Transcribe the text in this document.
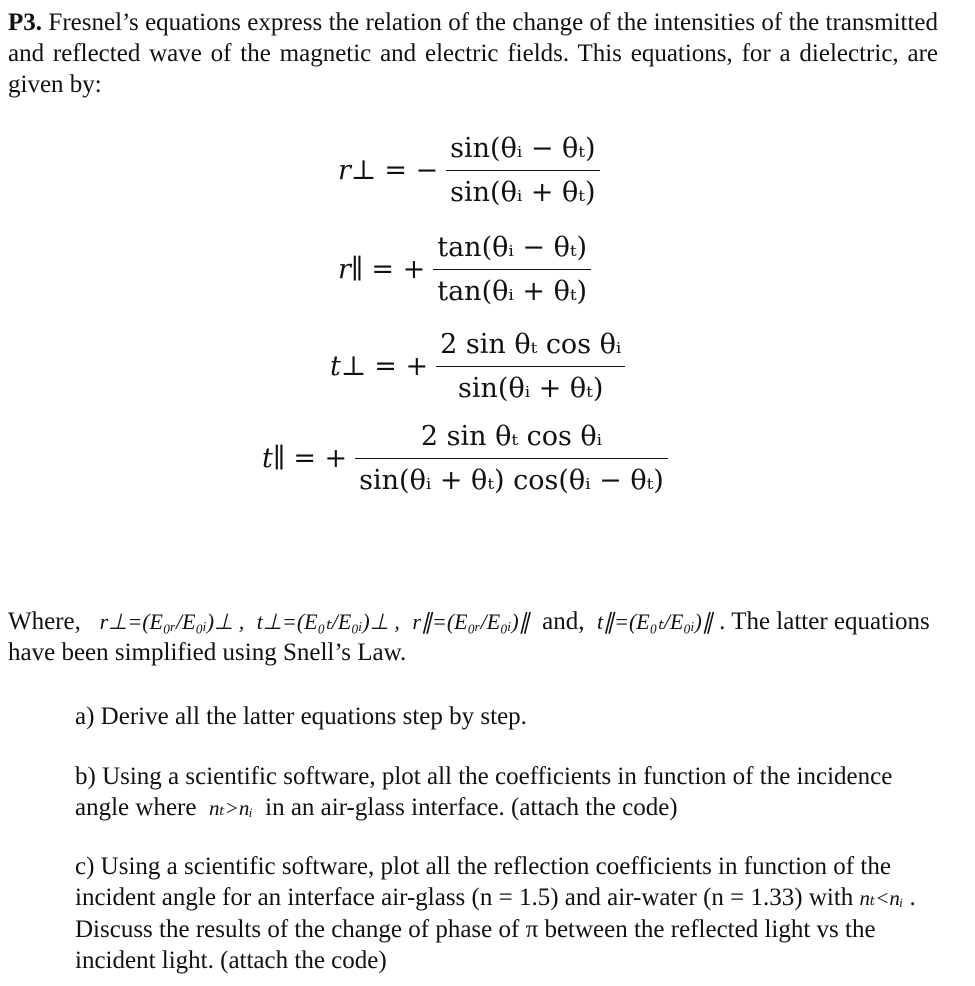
P3. Fresnel’s equations express the relation of the change of the intensities of the transmitted and reflected wave of the magnetic and electric fields. This equations, for a dielectric, are given by:

r⊥ = − $\frac{\text{sin(θᵢ − θₜ)}}{\text{sin(θᵢ + θₜ)}}$
r∥ = + $\frac{\text{tan(θᵢ − θₜ)}}{\text{tan(θᵢ + θₜ)}}$
t⊥ = + $\frac{\text{2 sin θₜ cos θᵢ}}{\text{sin(θᵢ + θₜ)}}$
t∥ = + $\frac{\text{2 sin θₜ cos θᵢ}}{\text{sin(θᵢ + θₜ) cos(θᵢ − θₜ)}}$

Where, r⊥=(E₀ᵣ/E₀ᵢ)⊥ , t⊥=(E₀ₜ/E₀ᵢ)⊥ , r∥=(E₀ᵣ/E₀ᵢ)∥ and, t∥=(E₀ₜ/E₀ᵢ)∥ . The latter equations have been simplified using Snell’s Law.

a) Derive all the latter equations step by step.

b) Using a scientific software, plot all the coefficients in function of the incidence angle where nₜ>nᵢ in an air-glass interface. (attach the code)

c) Using a scientific software, plot all the reflection coefficients in function of the incident angle for an interface air-glass (n = 1.5) and air-water (n = 1.33) with nₜ<nᵢ . Discuss the results of the change of phase of π between the reflected light vs the incident light. (attach the code)
